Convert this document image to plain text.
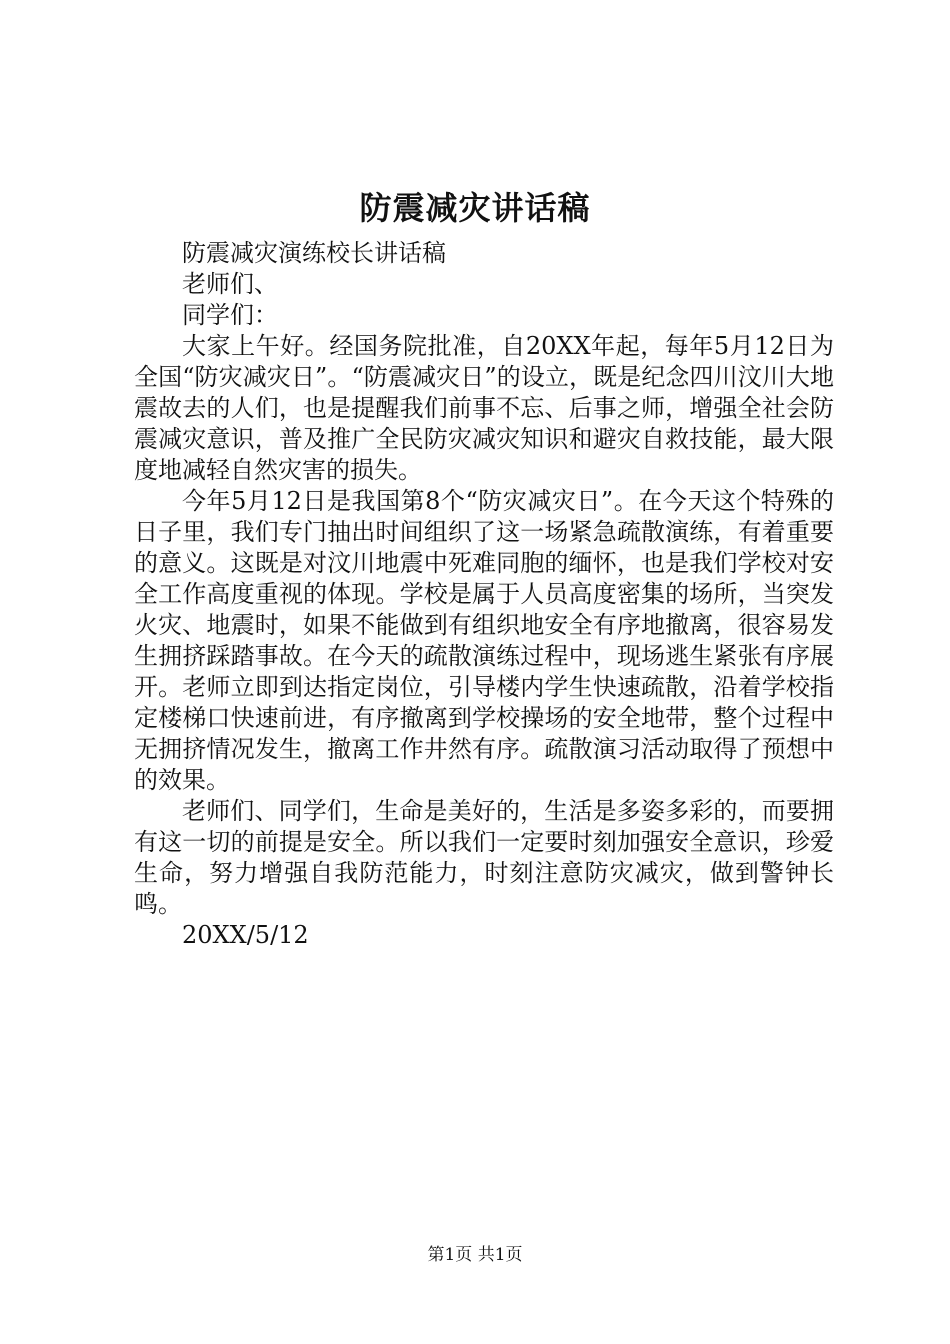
防震减灾讲话稿

防震减灾演练校长讲话稿

老师们、

同学们：

大家上午好。经国务院批准，自20XX年起，每年5月12日为全国“防灾减灾日”。“防震减灾日”的设立，既是纪念四川汶川大地震故去的人们，也是提醒我们前事不忘、后事之师，增强全社会防震减灾意识，普及推广全民防灾减灾知识和避灾自救技能，最大限度地减轻自然灾害的损失。

今年5月12日是我国第8个“防灾减灾日”。在今天这个特殊的日子里，我们专门抽出时间组织了这一场紧急疏散演练，有着重要的意义。这既是对汶川地震中死难同胞的缅怀，也是我们学校对安全工作高度重视的体现。学校是属于人员高度密集的场所，当突发火灾、地震时，如果不能做到有组织地安全有序地撤离，很容易发生拥挤踩踏事故。在今天的疏散演练过程中，现场逃生紧张有序展开。老师立即到达指定岗位，引导楼内学生快速疏散，沿着学校指定楼梯口快速前进，有序撤离到学校操场的安全地带，整个过程中无拥挤情况发生，撤离工作井然有序。疏散演习活动取得了预想中的效果。

老师们、同学们，生命是美好的，生活是多姿多彩的，而要拥有这一切的前提是安全。所以我们一定要时刻加强安全意识，珍爱生命，努力增强自我防范能力，时刻注意防灾减灾，做到警钟长鸣。

20XX/5/12

第1页 共1页
